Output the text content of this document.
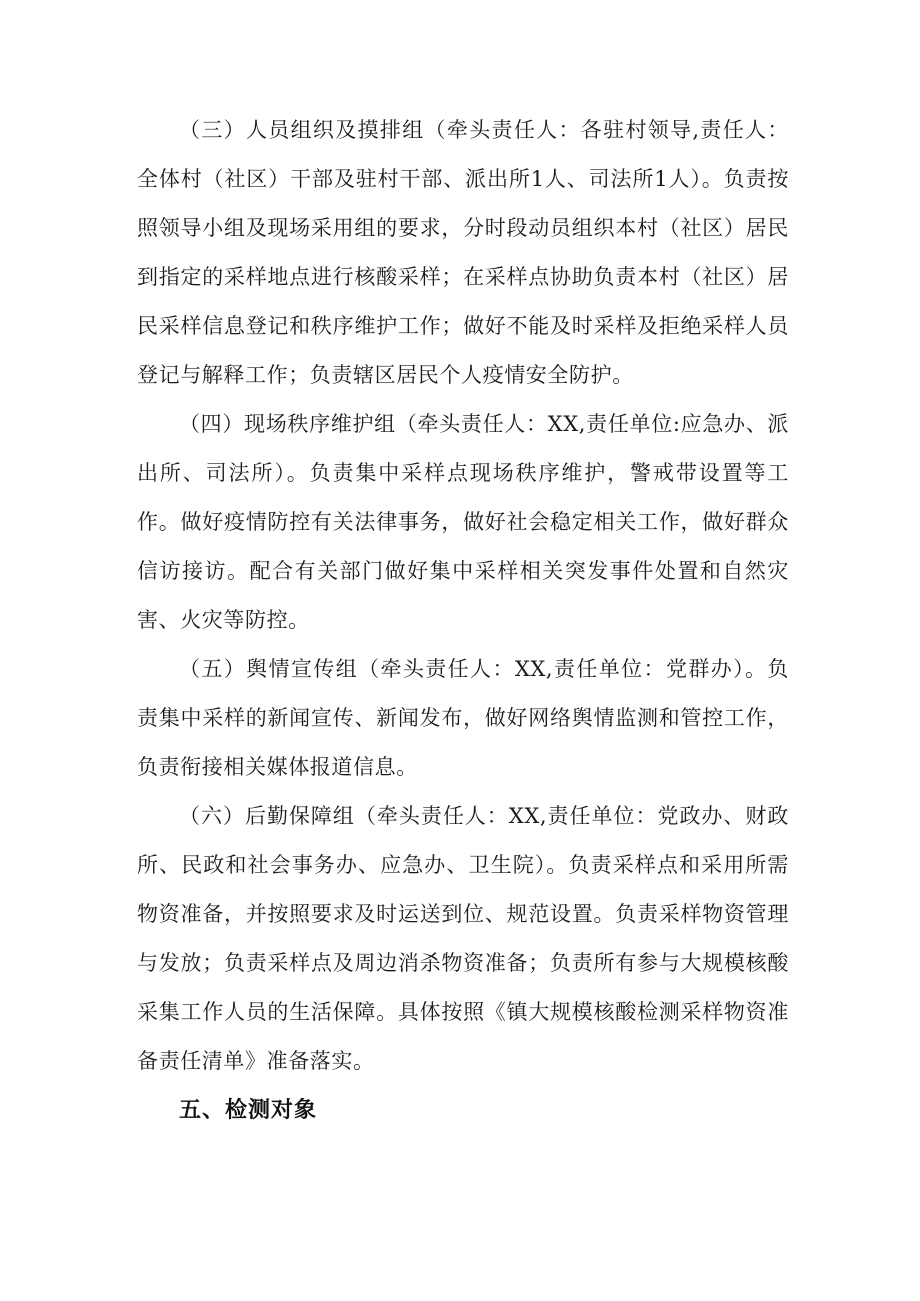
（三）人员组织及摸排组（牵头责任人：各驻村领导,责任人：全体村（社区）干部及驻村干部、派出所1人、司法所1人）。负责按照领导小组及现场采用组的要求，分时段动员组织本村（社区）居民到指定的采样地点进行核酸采样；在采样点协助负责本村（社区）居民采样信息登记和秩序维护工作；做好不能及时采样及拒绝采样人员登记与解释工作；负责辖区居民个人疫情安全防护。

（四）现场秩序维护组（牵头责任人：XX,责任单位:应急办、派出所、司法所）。负责集中采样点现场秩序维护，警戒带设置等工作。做好疫情防控有关法律事务，做好社会稳定相关工作，做好群众信访接访。配合有关部门做好集中采样相关突发事件处置和自然灾害、火灾等防控。

（五）舆情宣传组（牵头责任人：XX,责任单位：党群办）。负责集中采样的新闻宣传、新闻发布，做好网络舆情监测和管控工作，负责衔接相关媒体报道信息。

（六）后勤保障组（牵头责任人：XX,责任单位：党政办、财政所、民政和社会事务办、应急办、卫生院）。负责采样点和采用所需物资准备，并按照要求及时运送到位、规范设置。负责采样物资管理与发放；负责采样点及周边消杀物资准备；负责所有参与大规模核酸采集工作人员的生活保障。具体按照《镇大规模核酸检测采样物资准备责任清单》准备落实。

五、检测对象
